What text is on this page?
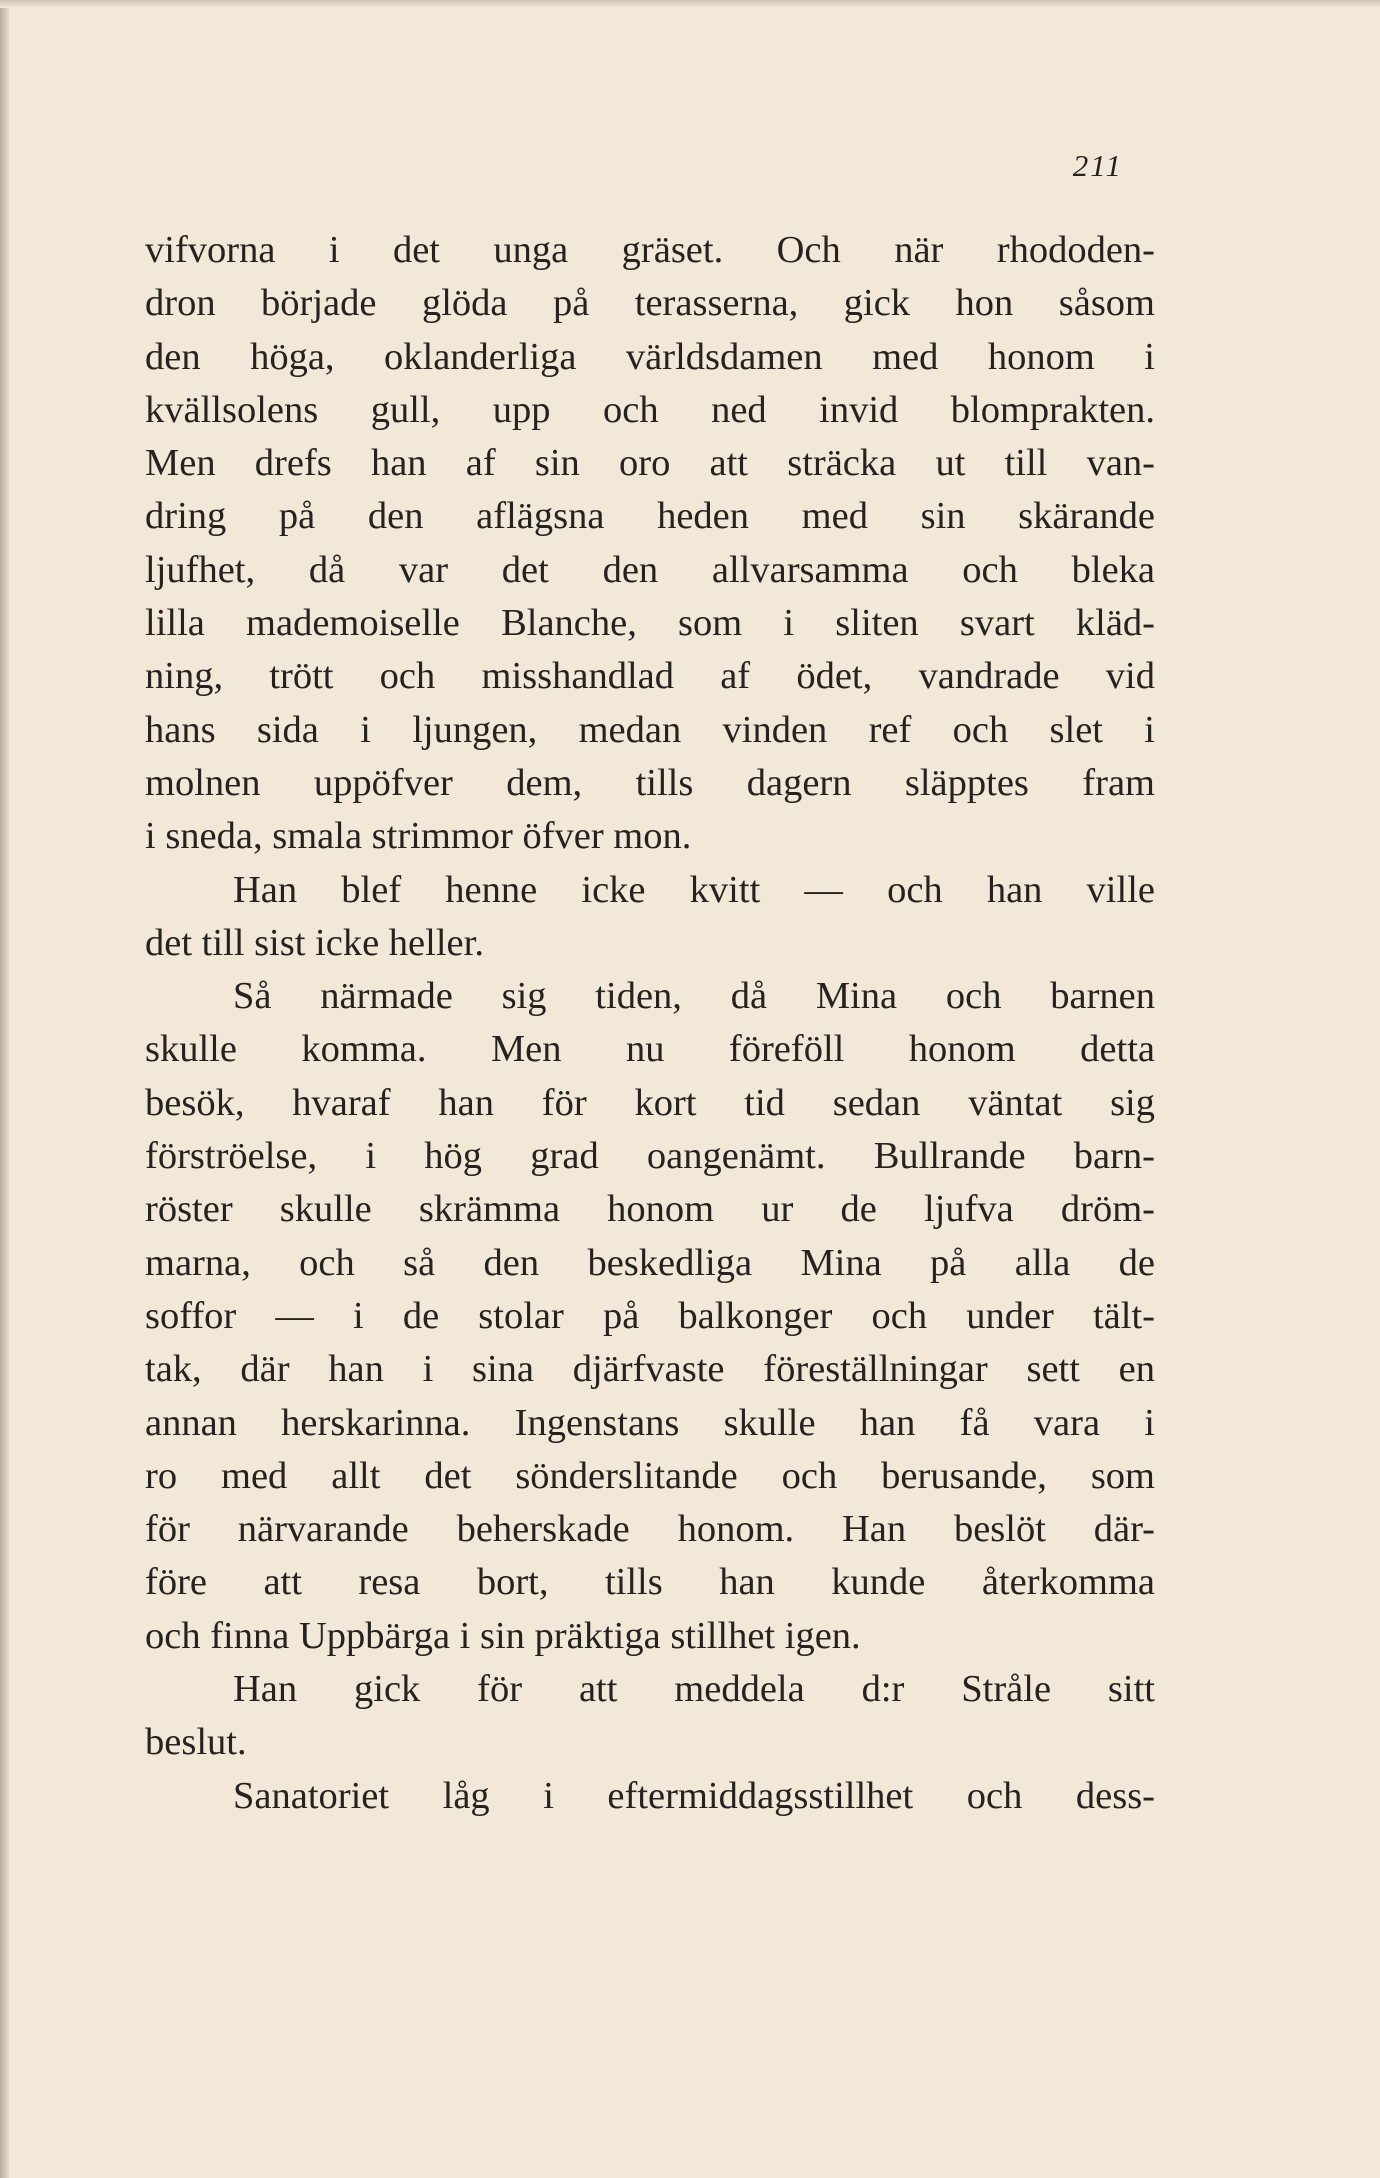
211
vifvorna i det unga gräset. Och när rhododen-
dron började glöda på terasserna, gick hon såsom
den höga, oklanderliga världsdamen med honom i
kvällsolens gull, upp och ned invid blomprakten.
Men drefs han af sin oro att sträcka ut till van-
dring på den aflägsna heden med sin skärande
ljufhet, då var det den allvarsamma och bleka
lilla mademoiselle Blanche, som i sliten svart kläd-
ning, trött och misshandlad af ödet, vandrade vid
hans sida i ljungen, medan vinden ref och slet i
molnen uppöfver dem, tills dagern släpptes fram
i sneda, smala strimmor öfver mon.
Han blef henne icke kvitt — och han ville
det till sist icke heller.
Så närmade sig tiden, då Mina och barnen
skulle komma. Men nu föreföll honom detta
besök, hvaraf han för kort tid sedan väntat sig
förströelse, i hög grad oangenämt. Bullrande barn-
röster skulle skrämma honom ur de ljufva dröm-
marna, och så den beskedliga Mina på alla de
soffor — i de stolar på balkonger och under tält-
tak, där han i sina djärfvaste föreställningar sett en
annan herskarinna. Ingenstans skulle han få vara i
ro med allt det sönderslitande och berusande, som
för närvarande beherskade honom. Han beslöt där-
före att resa bort, tills han kunde återkomma
och finna Uppbärga i sin präktiga stillhet igen.
Han gick för att meddela d:r Stråle sitt
beslut.
Sanatoriet låg i eftermiddagsstillhet och dess-
